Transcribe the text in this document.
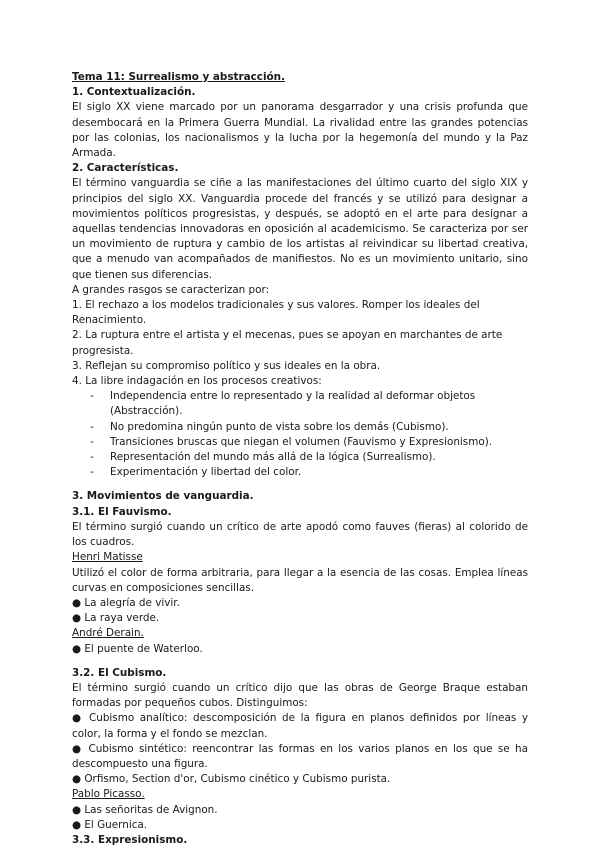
Tema 11: Surrealismo y abstracción.
1. Contextualización.
El siglo XX viene marcado por un panorama desgarrador y una crisis profunda que desembocará en la Primera Guerra Mundial. La rivalidad entre las grandes potencias por las colonias, los nacionalismos y la lucha por la hegemonía del mundo y la Paz Armada.
2. Características.
El término vanguardia se ciñe a las manifestaciones del último cuarto del siglo XIX y principios del siglo XX. Vanguardia procede del francés y se utilizó para designar a movimientos políticos progresistas, y después, se adoptó en el arte para designar a aquellas tendencias innovadoras en oposición al academicismo. Se caracteriza por ser un movimiento de ruptura y cambio de los artistas al reivindicar su libertad creativa, que a menudo van acompañados de manifiestos. No es un movimiento unitario, sino que tienen sus diferencias.
A grandes rasgos se caracterizan por:
1. El rechazo a los modelos tradicionales y sus valores. Romper los ideales del Renacimiento.
2. La ruptura entre el artista y el mecenas, pues se apoyan en marchantes de arte progresista.
3. Reflejan su compromiso político y sus ideales en la obra.
4. La libre indagación en los procesos creativos:
- Independencia entre lo representado y la realidad al deformar objetos (Abstracción).
- No predomina ningún punto de vista sobre los demás (Cubismo).
- Transiciones bruscas que niegan el volumen (Fauvismo y Expresionismo).
- Representación del mundo más allá de la lógica (Surrealismo).
- Experimentación y libertad del color.
3. Movimientos de vanguardia.
3.1. El Fauvismo.
El término surgió cuando un crítico de arte apodó como fauves (fieras) al colorido de los cuadros.
Henri Matisse
Utilizó el color de forma arbitraria, para llegar a la esencia de las cosas. Emplea líneas curvas en composiciones sencillas.
● La alegría de vivir.
● La raya verde.
André Derain.
● El puente de Waterloo.
3.2. El Cubismo.
El término surgió cuando un crítico dijo que las obras de George Braque estaban formadas por pequeños cubos. Distinguimos:
● Cubismo analítico: descomposición de la figura en planos definidos por líneas y color, la forma y el fondo se mezclan.
● Cubismo sintético: reencontrar las formas en los varios planos en los que se ha descompuesto una figura.
● Orfismo, Section d'or, Cubismo cinético y Cubismo purista.
Pablo Picasso.
● Las señoritas de Avignon.
● El Guernica.
3.3. Expresionismo.
